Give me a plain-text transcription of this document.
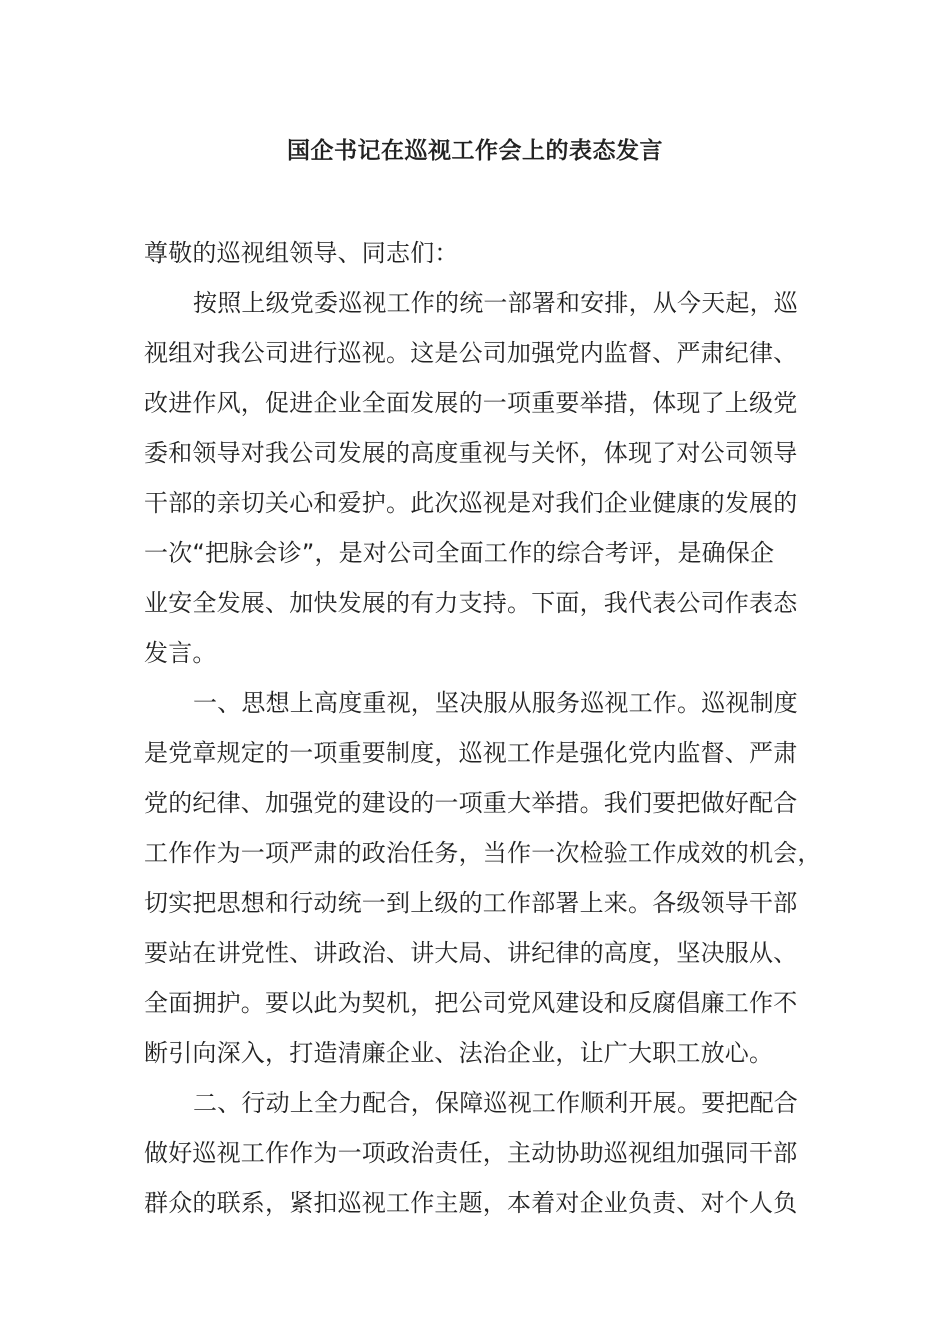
国企书记在巡视工作会上的表态发言
尊敬的巡视组领导、同志们：
按照上级党委巡视工作的统一部署和安排，从今天起，巡
视组对我公司进行巡视。这是公司加强党内监督、严肃纪律、
改进作风，促进企业全面发展的一项重要举措，体现了上级党
委和领导对我公司发展的高度重视与关怀，体现了对公司领导
干部的亲切关心和爱护。此次巡视是对我们企业健康的发展的
一次“把脉会诊”，是对公司全面工作的综合考评，是确保企
业安全发展、加快发展的有力支持。下面，我代表公司作表态
发言。
一、思想上高度重视，坚决服从服务巡视工作。巡视制度
是党章规定的一项重要制度，巡视工作是强化党内监督、严肃
党的纪律、加强党的建设的一项重大举措。我们要把做好配合
工作作为一项严肃的政治任务，当作一次检验工作成效的机会，
切实把思想和行动统一到上级的工作部署上来。各级领导干部
要站在讲党性、讲政治、讲大局、讲纪律的高度，坚决服从、
全面拥护。要以此为契机，把公司党风建设和反腐倡廉工作不
断引向深入，打造清廉企业、法治企业，让广大职工放心。
二、行动上全力配合，保障巡视工作顺利开展。要把配合
做好巡视工作作为一项政治责任，主动协助巡视组加强同干部
群众的联系，紧扣巡视工作主题，本着对企业负责、对个人负
